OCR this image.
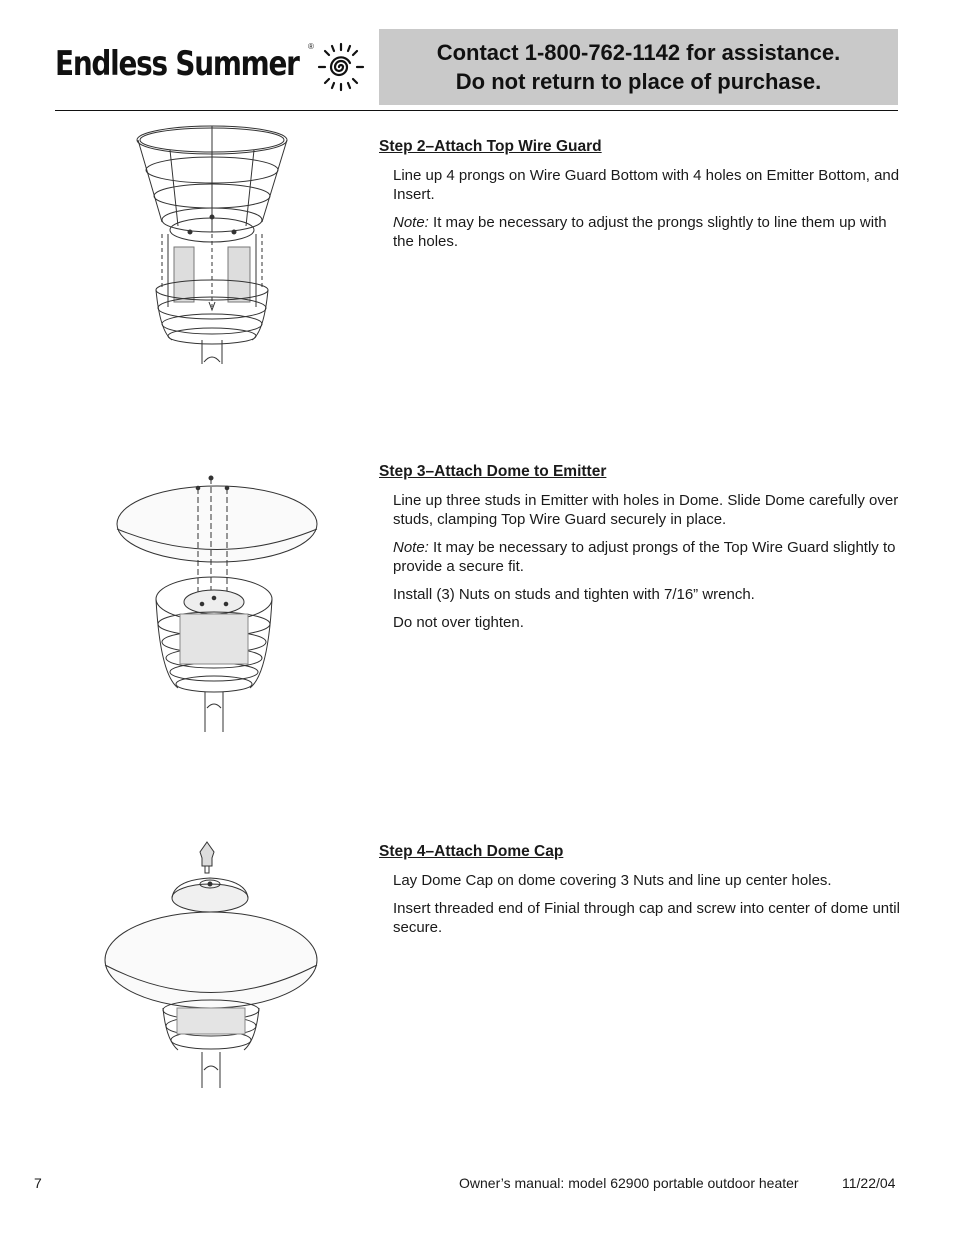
Endless Summer ®	Contact 1-800-762-1142 for assistance.
Do not return to place of purchase.
Step 2–Attach Top Wire Guard

Line up 4 prongs on Wire Guard Bottom with 4 holes on Emitter Bottom, and Insert.

Note: It may be necessary to adjust the prongs slightly to line them up with the holes.

Step 3–Attach Dome to Emitter

Line up three studs in Emitter with holes in Dome. Slide Dome carefully over studs, clamping Top Wire Guard securely in place.

Note: It may be necessary to adjust prongs of the Top Wire Guard slightly to provide a secure fit.

Install (3) Nuts on studs and tighten with 7/16” wrench.

Do not over tighten.

Step 4–Attach Dome Cap

Lay Dome Cap on dome covering 3 Nuts and line up center holes.

Insert threaded end of Finial through cap and screw into center of dome until secure.

7	Owner’s manual: model 62900 portable outdoor heater	11/22/04
